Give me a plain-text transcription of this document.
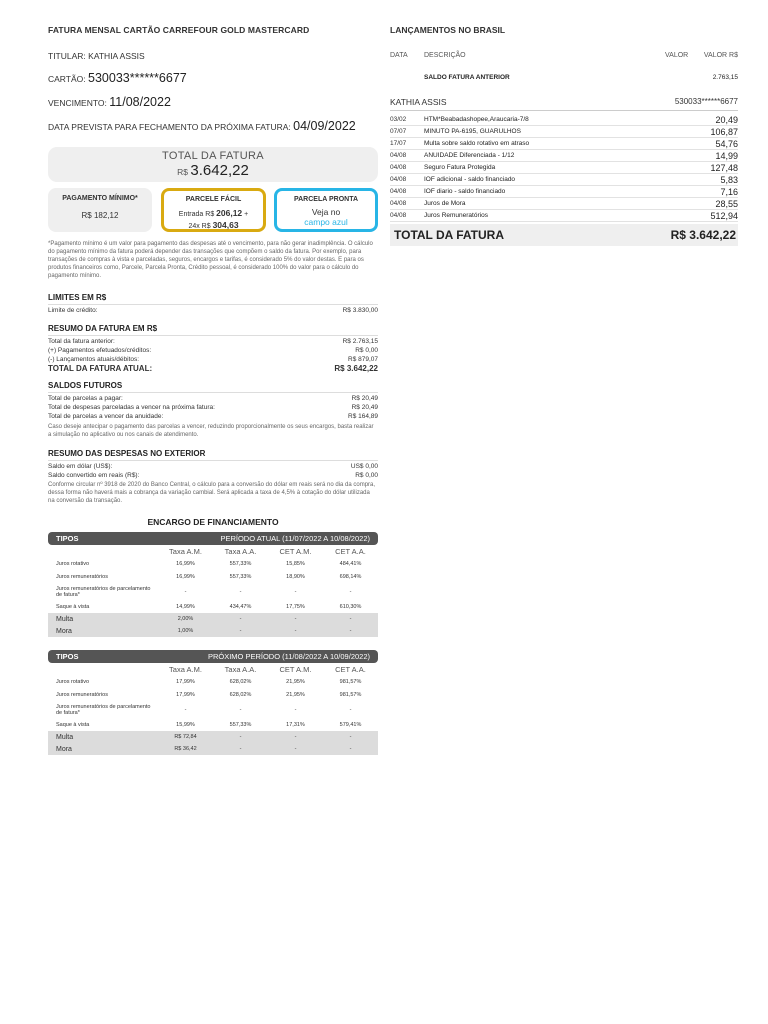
FATURA MENSAL CARTÃO CARREFOUR GOLD MASTERCARD
TITULAR: KATHIA ASSIS
CARTÃO: 530033******6677
VENCIMENTO: 11/08/2022
DATA PREVISTA PARA FECHAMENTO DA PRÓXIMA FATURA: 04/09/2022
TOTAL DA FATURA
R$ 3.642,22
PAGAMENTO MÍNIMO*
R$ 182,12
PARCELE FÁCIL
Entrada R$ 206,12 +
24x R$ 304,63
PARCELA PRONTA
Veja no
campo azul
*Pagamento mínimo é um valor para pagamento das despesas até o vencimento, para não gerar inadimplência. O cálculo do pagamento mínimo da fatura poderá depender das transações que compõem o saldo da fatura. Por exemplo, para transações de compras à vista e parceladas, seguros, encargos e tarifas, é considerado 5% do valor destas. E para os produtos financeiros como, Parcele, Parcela Pronta, Crédito pessoal, é considerado 100% do valor para o cálculo do pagamento mínimo.
LIMITES EM R$
Limite de crédito:	R$ 3.830,00
RESUMO DA FATURA EM R$
Total da fatura anterior:	R$ 2.763,15
(+) Pagamentos efetuados/créditos:	R$ 0,00
(-) Lançamentos atuais/débitos:	R$ 879,07
TOTAL DA FATURA ATUAL:	R$ 3.642,22
SALDOS FUTUROS
Total de parcelas a pagar:	R$ 20,49
Total de despesas parceladas a vencer na próxima fatura:	R$ 20,49
Total de parcelas a vencer da anuidade:	R$ 164,89
Caso deseje antecipar o pagamento das parcelas a vencer, reduzindo proporcionalmente os seus encargos, basta realizar a simulação no aplicativo ou nos canais de atendimento.
RESUMO DAS DESPESAS NO EXTERIOR
Saldo em dólar (US$):	US$ 0,00
Saldo convertido em reais (R$):	R$ 0,00
Conforme circular nº 3918 de 2020 do Banco Central, o cálculo para a conversão do dólar em reais será no dia da compra, dessa forma não haverá mais a cobrança da variação cambial. Será aplicada a taxa de 4,5% à cotação do dólar utilizada na conversão da transação.
ENCARGO DE FINANCIAMENTO
TIPOS	PERÍODO ATUAL (11/07/2022 A 10/08/2022)
Taxa A.M.	Taxa A.A.	CET A.M.	CET A.A.
Juros rotativo	16,99%	557,33%	15,85%	484,41%
Juros remuneratórios	16,99%	557,33%	18,90%	698,14%
Juros remuneratórios de parcelamento de fatura*	-	-	-	-
Saque à vista	14,99%	434,47%	17,75%	610,30%
Multa	2,00%	-	-	-
Mora	1,00%	-	-	-
TIPOS	PRÓXIMO PERÍODO (11/08/2022 A 10/09/2022)
Taxa A.M.	Taxa A.A.	CET A.M.	CET A.A.
Juros rotativo	17,99%	628,02%	21,95%	981,57%
Juros remuneratórios	17,99%	628,02%	21,95%	981,57%
Juros remuneratórios de parcelamento de fatura*	-	-	-	-
Saque à vista	15,99%	557,33%	17,31%	579,41%
Multa	R$ 72,84	-	-	-
Mora	R$ 36,42	-	-	-
LANÇAMENTOS NO BRASIL
DATA DESCRIÇÃO	VALOR VALOR R$
SALDO FATURA ANTERIOR	2.763,15
KATHIA ASSIS	530033******6677
03/02	HTM*Beabadashopee,Araucaria-7/8	20,49
07/07	MINUTO PA-6195, GUARULHOS	106,87
17/07	Multa sobre saldo rotativo em atraso	54,76
04/08	ANUIDADE Diferenciada - 1/12	14,99
04/08	Seguro Fatura Protegida	127,48
04/08	IOF adicional - saldo financiado	5,83
04/08	IOF diario - saldo financiado	7,16
04/08	Juros de Mora	28,55
04/08	Juros Remuneratórios	512,94
TOTAL DA FATURA	R$ 3.642,22
